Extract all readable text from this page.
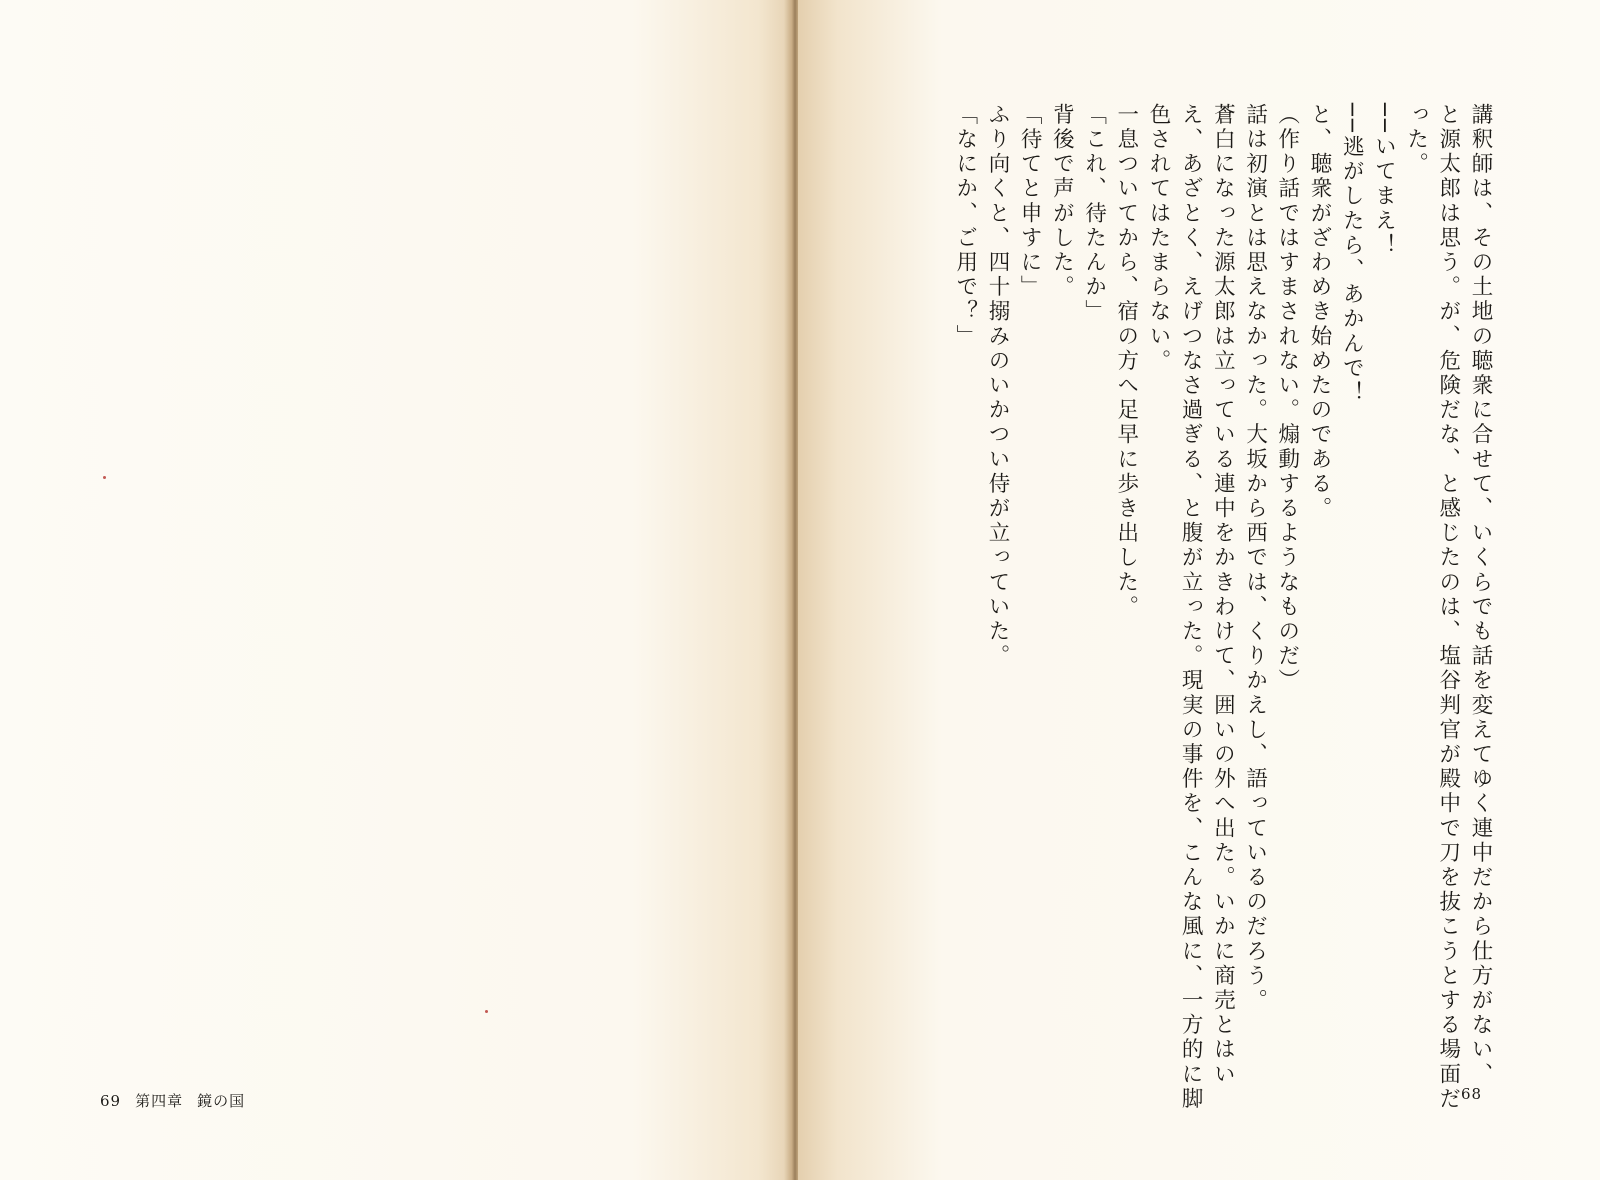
69 第四章 鏡の国	68

講釈師は、その土地の聴衆に合せて、いくらでも話を変えてゆく連中だから仕方がない、

と源太郎は思う。が、危険だな、と感じたのは、塩谷判官が殿中で刀を抜こうとする場面だ

った。

──いてまえ！

──逃がしたら、あかんで！

と、聴衆がざわめき始めたのである。

（作り話ではすまされない。煽動するようなものだ）

話は初演とは思えなかった。大坂から西では、くりかえし、語っているのだろう。

蒼白になった源太郎は立っている連中をかきわけて、囲いの外へ出た。いかに商売とはい

え、あざとく、えげつなさ過ぎる、と腹が立った。現実の事件を、こんな風に、一方的に脚

色されてはたまらない。

一息ついてから、宿の方へ足早に歩き出した。

「これ、待たんか」

背後で声がした。

「待てと申すに」

ふり向くと、四十搦みのいかつい侍が立っていた。

「なにか、ご用で？」
